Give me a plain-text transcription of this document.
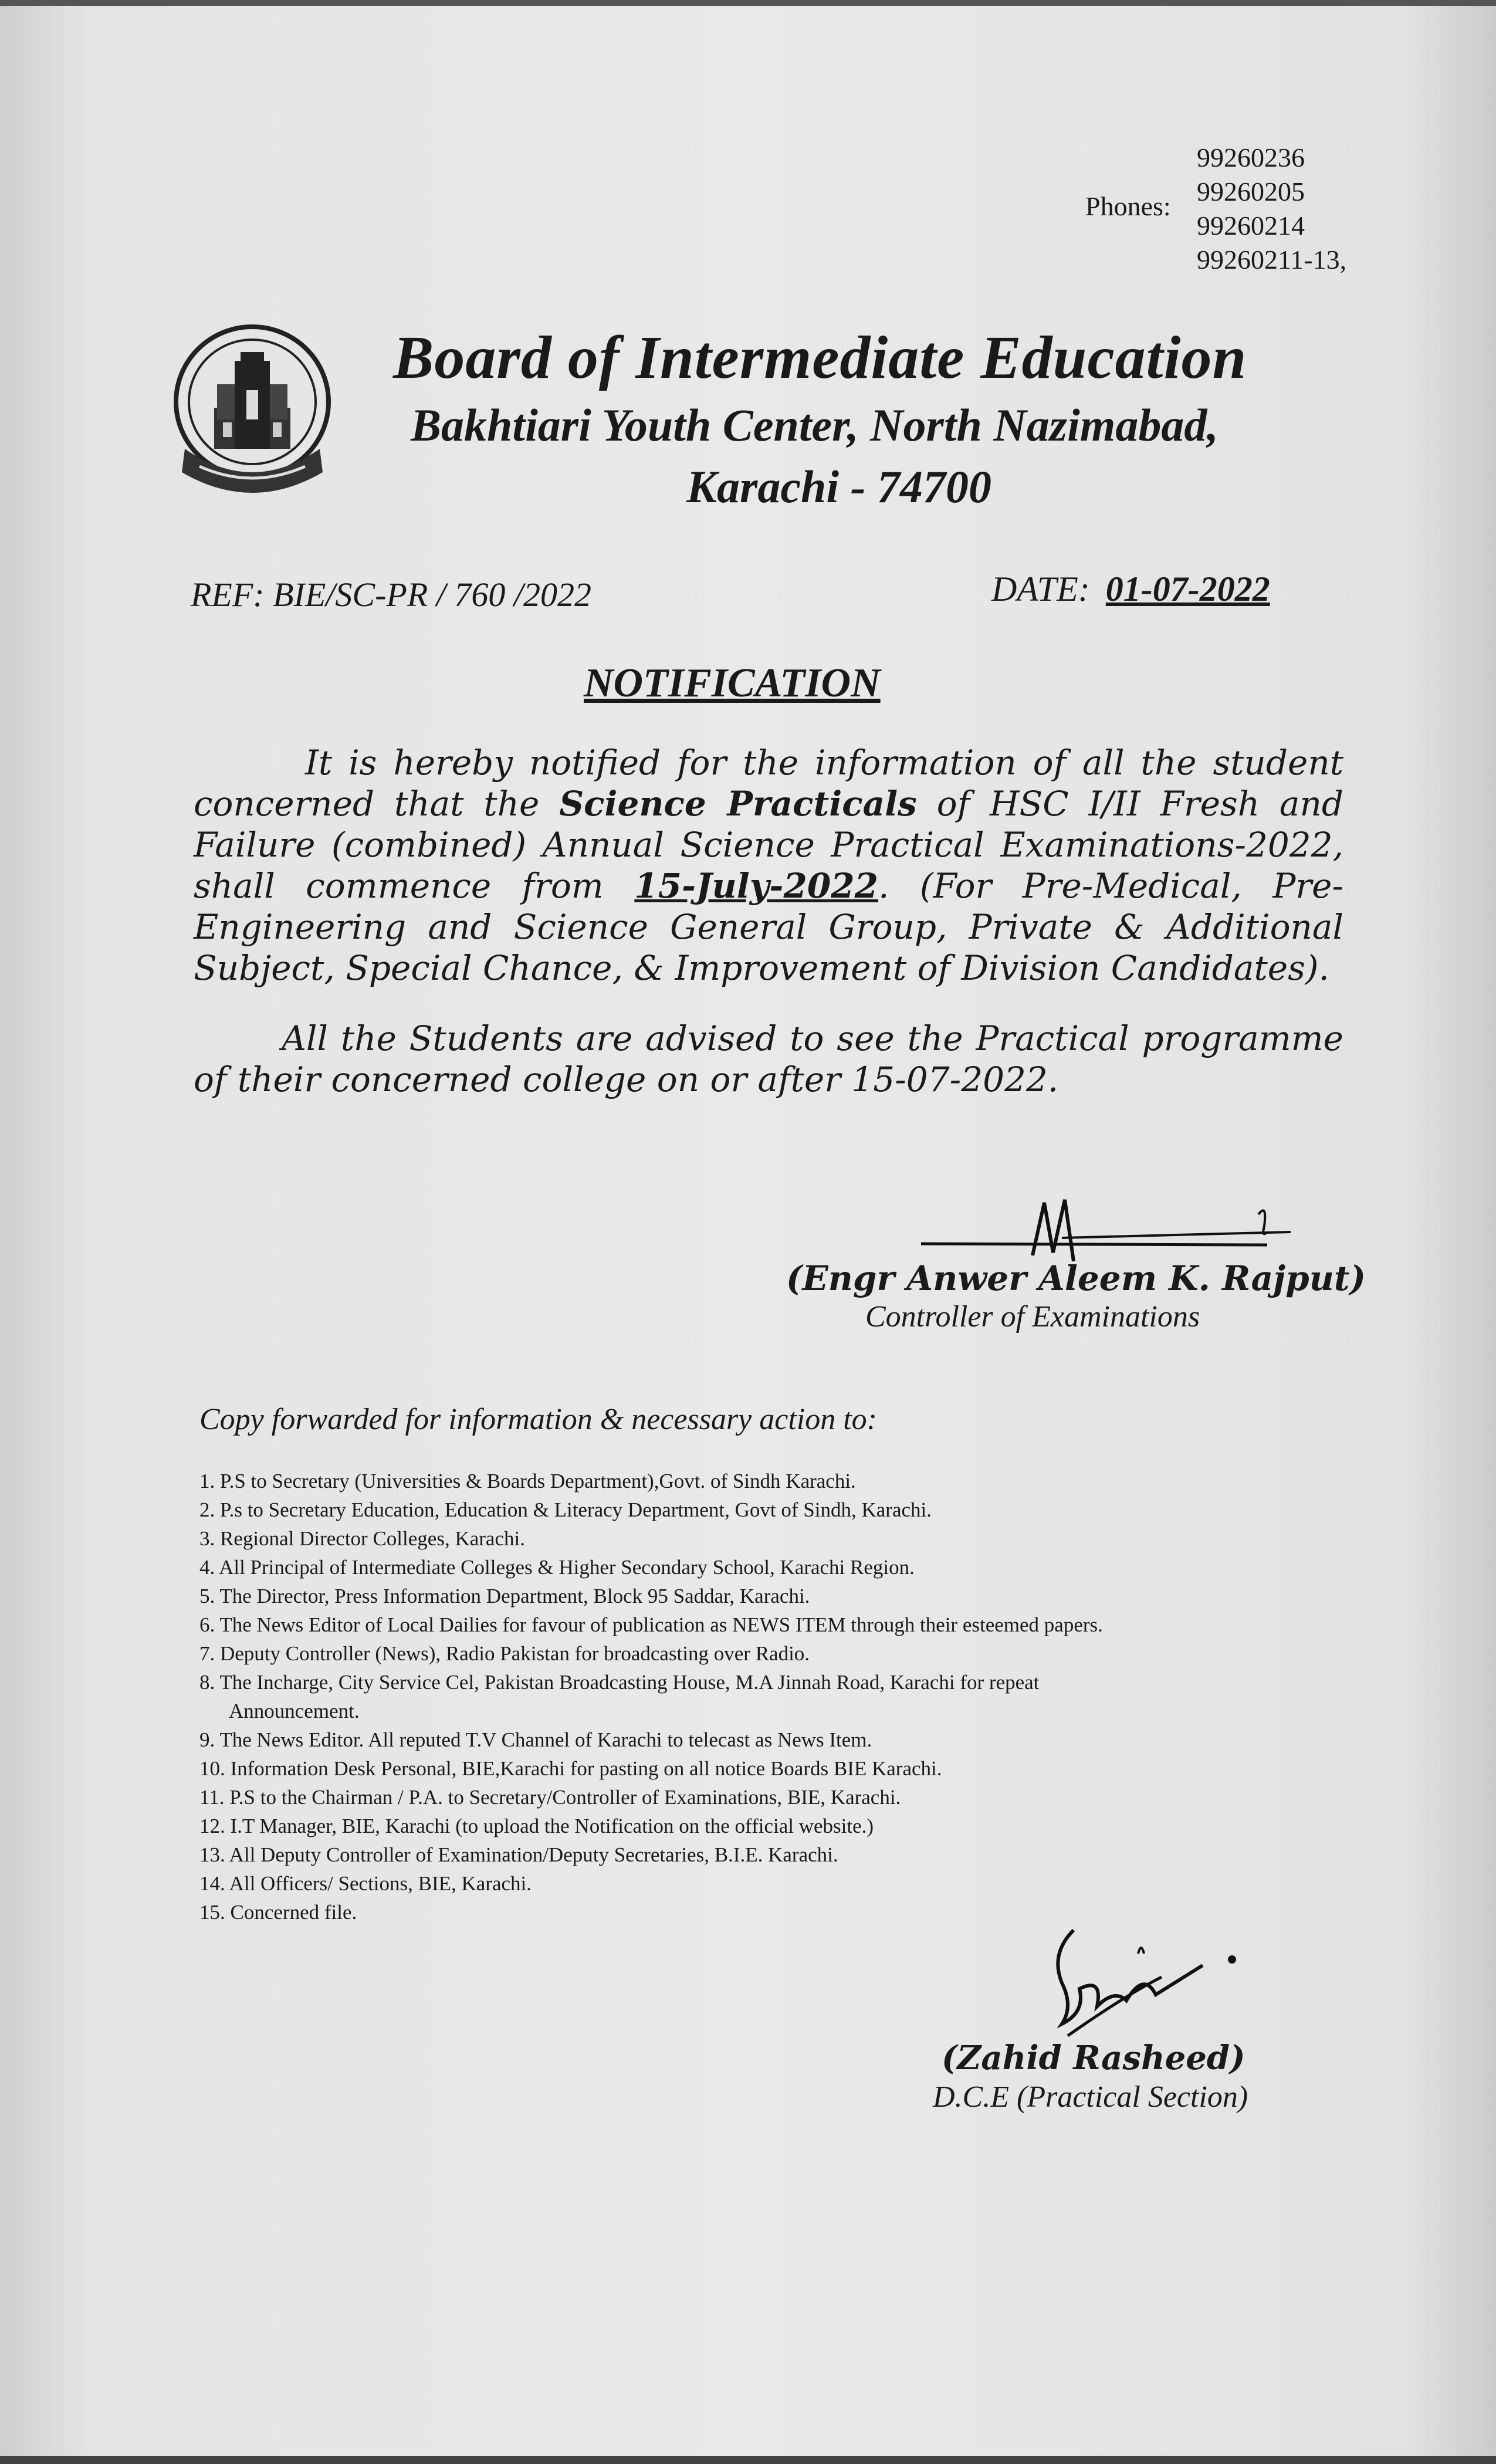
Phones:
99260236
99260205
99260214
99260211-13,
Board of Intermediate Education
Bakhtiari Youth Center, North Nazimabad,
Karachi - 74700
REF: BIE/SC-PR / 760 /2022	DATE: 01-07-2022
NOTIFICATION
It is hereby notified for the information of all the student concerned that the Science Practicals of HSC I/II Fresh and Failure (combined) Annual Science Practical Examinations-2022, shall commence from 15-July-2022. (For Pre-Medical, Pre-Engineering and Science General Group, Private & Additional Subject, Special Chance, & Improvement of Division Candidates).
All the Students are advised to see the Practical programme of their concerned college on or after 15-07-2022.
(Engr Anwer Aleem K. Rajput)
Controller of Examinations
Copy forwarded for information & necessary action to:
1. P.S to Secretary (Universities & Boards Department),Govt. of Sindh Karachi.
2. P.s to Secretary Education, Education & Literacy Department, Govt of Sindh, Karachi.
3. Regional Director Colleges, Karachi.
4. All Principal of Intermediate Colleges & Higher Secondary School, Karachi Region.
5. The Director, Press Information Department, Block 95 Saddar, Karachi.
6. The News Editor of Local Dailies for favour of publication as NEWS ITEM through their esteemed papers.
7. Deputy Controller (News), Radio Pakistan for broadcasting over Radio.
8. The Incharge, City Service Cel, Pakistan Broadcasting House, M.A Jinnah Road, Karachi for repeat
Announcement.
9. The News Editor. All reputed T.V Channel of Karachi to telecast as News Item.
10. Information Desk Personal, BIE,Karachi for pasting on all notice Boards BIE Karachi.
11. P.S to the Chairman / P.A. to Secretary/Controller of Examinations, BIE, Karachi.
12. I.T Manager, BIE, Karachi (to upload the Notification on the official website.)
13. All Deputy Controller of Examination/Deputy Secretaries, B.I.E. Karachi.
14. All Officers/ Sections, BIE, Karachi.
15. Concerned file.
(Zahid Rasheed)
D.C.E (Practical Section)
